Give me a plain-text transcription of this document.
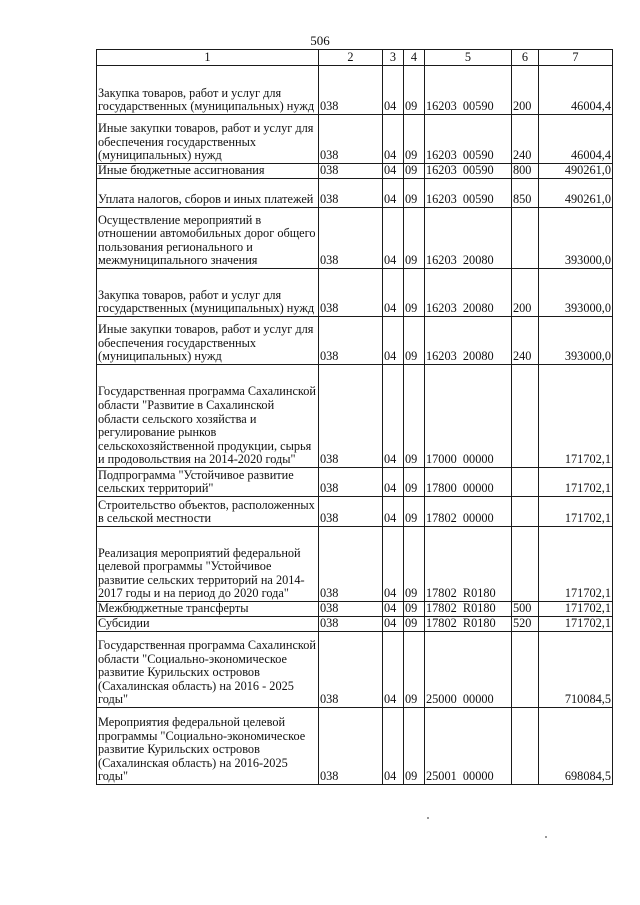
506
1	2	3	4	5	6	7
Закупка товаров, работ и услуг для государственных (муниципальных) нужд	038	04	09	16203  00590	200	46004,4
Иные закупки товаров, работ и услуг для обеспечения государственных (муниципальных) нужд	038	04	09	16203  00590	240	46004,4
Иные бюджетные ассигнования	038	04	09	16203  00590	800	490261,0
Уплата налогов, сборов и иных платежей	038	04	09	16203  00590	850	490261,0
Осуществление мероприятий в отношении автомобильных дорог общего пользования регионального и межмуниципального значения	038	04	09	16203  20080		393000,0
Закупка товаров, работ и услуг для государственных (муниципальных) нужд	038	04	09	16203  20080	200	393000,0
Иные закупки товаров, работ и услуг для обеспечения государственных (муниципальных) нужд	038	04	09	16203  20080	240	393000,0
Государственная программа Сахалинской области "Развитие в Сахалинской области сельского хозяйства и регулирование рынков сельскохозяйственной продукции, сырья и продовольствия на 2014-2020 годы"	038	04	09	17000  00000		171702,1
Подпрограмма "Устойчивое развитие сельских территорий"	038	04	09	17800  00000		171702,1
Строительство объектов, расположенных в сельской местности	038	04	09	17802  00000		171702,1
Реализация мероприятий федеральной целевой программы "Устойчивое развитие сельских территорий на 2014-2017 годы и на период до 2020 года"	038	04	09	17802  R0180		171702,1
Межбюджетные трансферты	038	04	09	17802  R0180	500	171702,1
Субсидии	038	04	09	17802  R0180	520	171702,1
Государственная программа Сахалинской области "Социально-экономическое развитие Курильских островов (Сахалинская область) на 2016 - 2025 годы"	038	04	09	25000  00000		710084,5
Мероприятия федеральной целевой программы "Социально-экономическое развитие Курильских островов (Сахалинская область) на 2016-2025 годы"	038	04	09	25001  00000		698084,5
